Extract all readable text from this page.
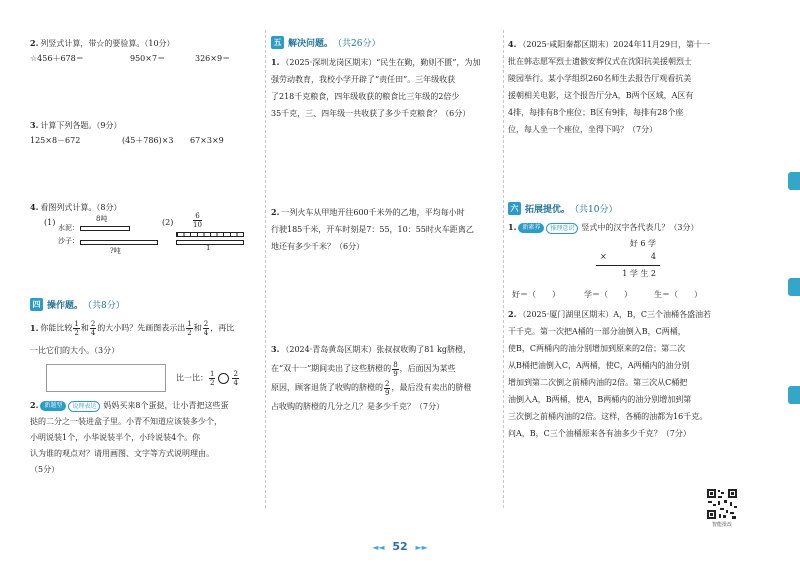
2. 列竖式计算，带☆的要验算。（10分）
☆456＋678＝	950×7＝	326×9＝
3. 计算下列各题。（9分）
125×8－672	(45＋786)×3 67×3×9
4. 看图列式计算。（8分）
(1)
水泥：
8吨
沙子：
?吨
(2)	$\frac{6}{10}$
1
四 操作题。 （共8分）
1. 你能比较 $\frac{1}{2}$ 和 $\frac{2}{4}$ 的大小吗？先画图表示出 $\frac{1}{2}$ 和 $\frac{2}{4}$ ，再比
一比它们的大小。（3分）
比一比： $\frac{1}{2} \frac{2}{4}$
2. 新题型 说理表达 妈妈买来8个蛋挞，让小青把这些蛋
挞的二分之一装进盒子里。小青不知道应该装多少个，
小明说装1个，小华说装半个，小玲说装4个。你
认为谁的观点对？请用画图、文字等方式说明理由。
（5分）
五 解决问题。 （共26分）
1. （2025·深圳龙岗区期末）“民生在勤，勤则不匮”，为加
强劳动教育，我校小学开辟了“责任田”。三年级收获
了218千克粮食，四年级收获的粮食比三年级的2倍少
35千克，三、四年级一共收获了多少千克粮食？（6分）
2. 一列火车从甲地开往600千米外的乙地，平均每小时
行驶185千米，开车时刻是7：55，10：55时火车距离乙
地还有多少千米？（6分）
3. （2024·青岛黄岛区期末）张叔叔收购了81 kg脐橙，
在“双十一”期间卖出了这些脐橙的 $\frac{8}{9}$ ，后面因为某些
原因，顾客退货了收购的脐橙的 $\frac{2}{9}$ ，最后没有卖出的脐橙
占收购的脐橙的几分之几？是多少千克？（7分）
4. （2025·咸阳秦都区期末）2024年11月29日，第十一
批在韩志愿军烈士遗骸安葬仪式在沈阳抗美援朝烈士
陵园举行。某小学组织260名师生去报告厅观看抗美
援朝相关电影，这个报告厅分A，B两个区域，A区有
4排，每排有8个座位；B区有9排，每排有28个座
位，每人坐一个座位，坐得下吗？（7分）
六 拓展提优。 （共10分）
1. 新素养 推理意识 竖式中的汉字各代表几？（3分）
好 6 学
×	4
1 学 生 2
好＝（　　）	学＝（　　）	生＝（　　）
2. （2025·厦门湖里区期末）A，B，C三个油桶各盛油若
干千克。第一次把A桶的一部分油倒入B，C两桶，
使B，C两桶内的油分别增加到原来的2倍；第二次
从B桶把油倒入C，A两桶，使C，A两桶内的油分别
增加到第二次倒之前桶内油的2倍。第三次从C桶把
油倒入A，B两桶，使A，B两桶内的油分别增加到第
三次倒之前桶内油的2倍。这样，各桶的油都为16千克。
问A，B，C三个油桶原来各有油多少千克？（7分）
智能批改
◄◄ 52 ►►
